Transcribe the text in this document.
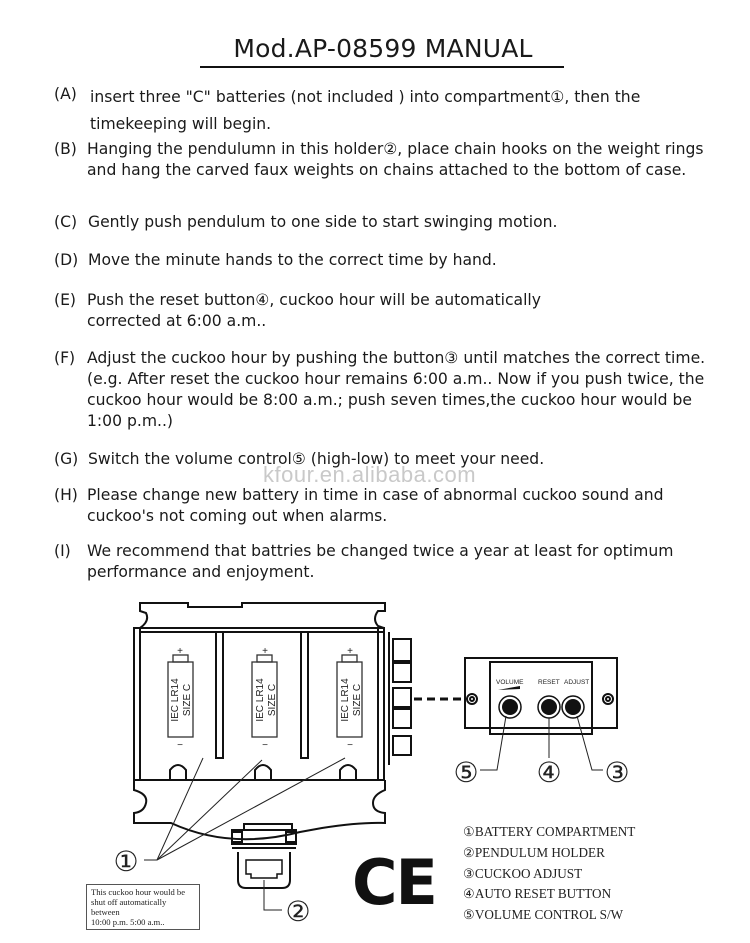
Mod.AP-08599 MANUAL
(A) insert three "C" batteries (not included ) into compartment①, then the timekeeping will begin.
(B) Hanging the pendulumn in this holder②, place chain hooks on the weight rings and hang the carved faux weights on chains attached to the bottom of case.
(C) Gently push pendulum to one side to start swinging motion.
(D) Move the minute hands to the correct time by hand.
(E) Push the reset button④, cuckoo hour will be automatically corrected at 6:00 a.m..
(F) Adjust the cuckoo hour by pushing the button③ until matches the correct time.(e.g. After reset the cuckoo hour remains 6:00 a.m.. Now if you push twice, the cuckoo hour would be 8:00 a.m.; push seven times,the cuckoo hour would be 1:00 p.m..)
(G) Switch the volume control⑤ (high-low) to meet your need.
kfour.en.alibaba.com
(H) Please change new battery in time in case of abnormal cuckoo sound and cuckoo's not coming out when alarms.
(I) We recommend that battries be changed twice a year at least for optimum performance and enjoyment.
+	+	+
−	−	−
IEC LR14 SIZE C	IEC LR14 SIZE C	IEC LR14 SIZE C
VOLUME RESET ADJUST
①
②
③
④
⑤
This cuckoo hour would be
shut off automatically between
10:00 p.m. 5:00 a.m..
CE
①BATTERY COMPARTMENT
②PENDULUM HOLDER
③CUCKOO ADJUST
④AUTO RESET BUTTON
⑤VOLUME CONTROL S/W
